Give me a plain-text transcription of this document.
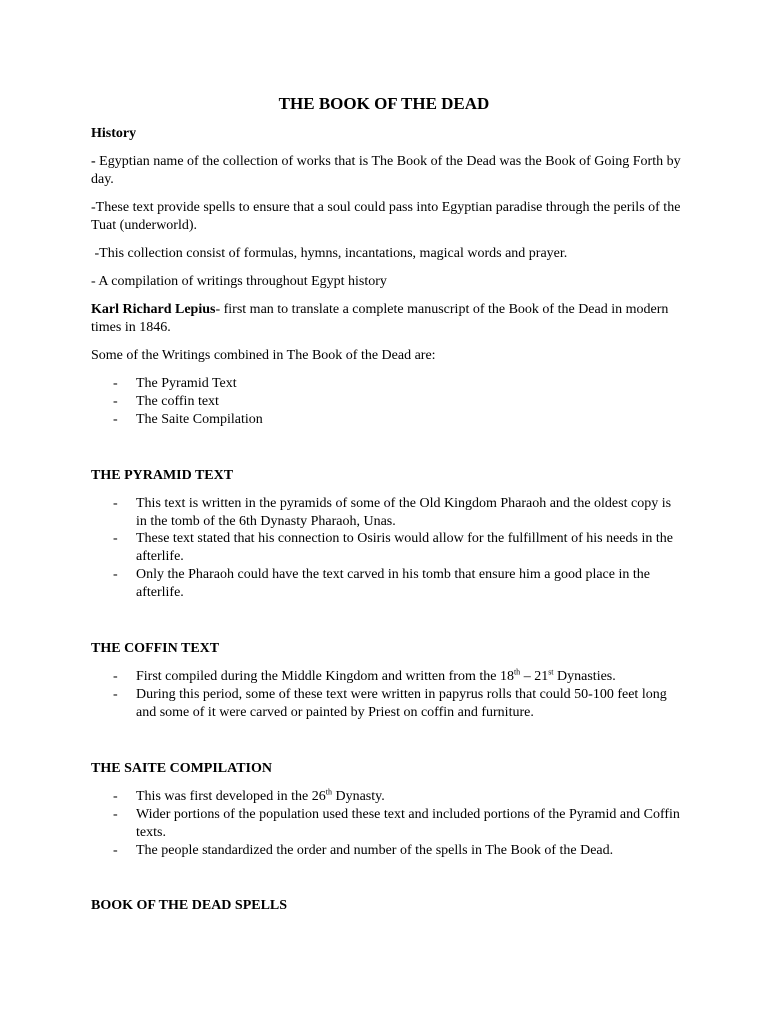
THE BOOK OF THE DEAD
History
- Egyptian name of the collection of works that is The Book of the Dead was the Book of Going Forth by day.
-These text provide spells to ensure that a soul could pass into Egyptian paradise through the perils of the Tuat (underworld).
-This collection consist of formulas, hymns, incantations, magical words and prayer.
- A compilation of writings throughout Egypt history
Karl Richard Lepius- first man to translate a complete manuscript of the Book of the Dead in modern times in 1846.
Some of the Writings combined in The Book of the Dead are:
- The Pyramid Text
- The coffin text
- The Saite Compilation
THE PYRAMID TEXT
- This text is written in the pyramids of some of the Old Kingdom Pharaoh and the oldest copy is in the tomb of the 6th Dynasty Pharaoh, Unas.
- These text stated that his connection to Osiris would allow for the fulfillment of his needs in the afterlife.
- Only the Pharaoh could have the text carved in his tomb that ensure him a good place in the afterlife.
THE COFFIN TEXT
- First compiled during the Middle Kingdom and written from the 18th – 21st Dynasties.
- During this period, some of these text were written in papyrus rolls that could 50-100 feet long and some of it were carved or painted by Priest on coffin and furniture.
THE SAITE COMPILATION
- This was first developed in the 26th Dynasty.
- Wider portions of the population used these text and included portions of the Pyramid and Coffin texts.
- The people standardized the order and number of the spells in The Book of the Dead.
BOOK OF THE DEAD SPELLS
